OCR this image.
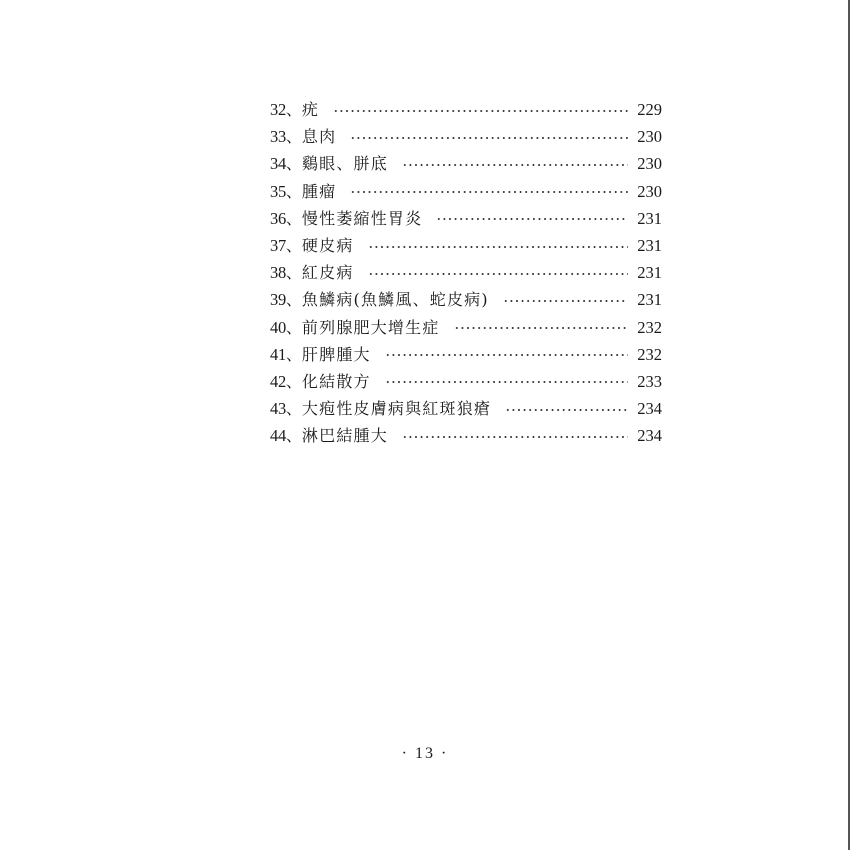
32 、 疣	229
33 、 息肉	230
34 、 鷄眼、胼底	230
35 、 腫瘤	230
36 、 慢性萎縮性胃炎	231
37 、 硬皮病	231
38 、 紅皮病	231
39 、 魚鱗病(魚鱗風、蛇皮病)	231
40 、 前列腺肥大增生症	232
41 、 肝脾腫大	232
42 、 化結散方	233
43 、 大疱性皮膚病與紅斑狼瘡	234
44 、 淋巴結腫大	234
· 13 ·
